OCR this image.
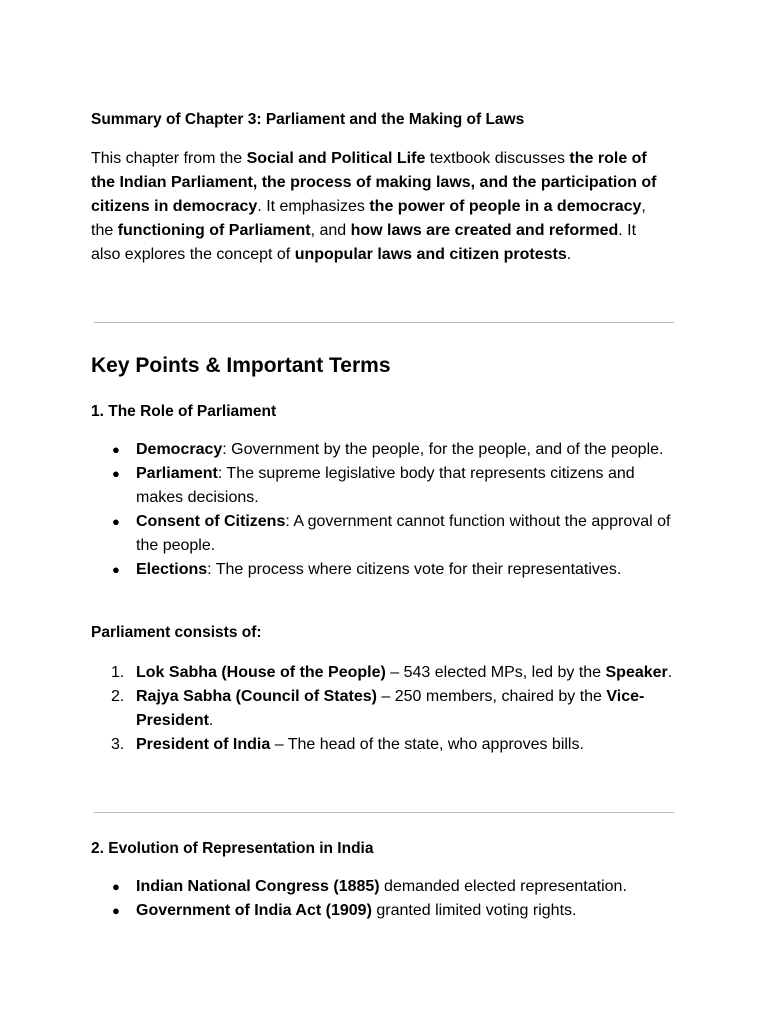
Summary of Chapter 3: Parliament and the Making of Laws

This chapter from the Social and Political Life textbook discusses the role of the Indian Parliament, the process of making laws, and the participation of citizens in democracy. It emphasizes the power of people in a democracy, the functioning of Parliament, and how laws are created and reformed. It also explores the concept of unpopular laws and citizen protests.

Key Points & Important Terms
1. The Role of Parliament
● Democracy: Government by the people, for the people, and of the people.
● Parliament: The supreme legislative body that represents citizens and makes decisions.
● Consent of Citizens: A government cannot function without the approval of the people.
● Elections: The process where citizens vote for their representatives.
Parliament consists of:
1. Lok Sabha (House of the People) – 543 elected MPs, led by the Speaker.
2. Rajya Sabha (Council of States) – 250 members, chaired by the Vice-President.
3. President of India – The head of the state, who approves bills.
2. Evolution of Representation in India
● Indian National Congress (1885) demanded elected representation.
● Government of India Act (1909) granted limited voting rights.
